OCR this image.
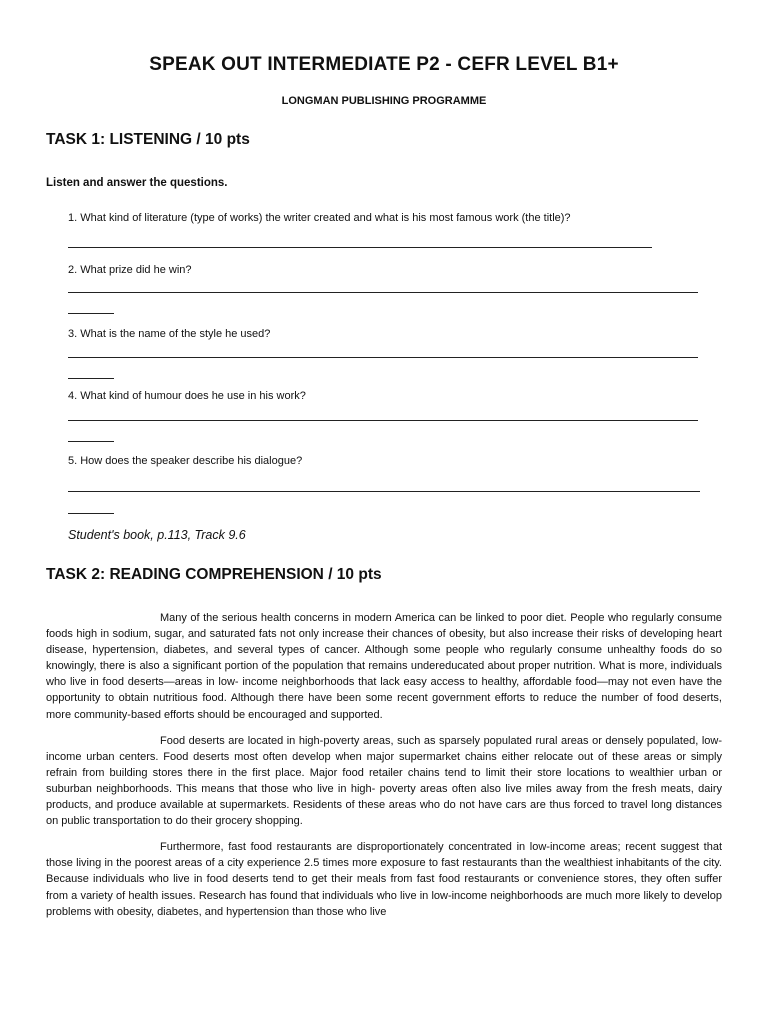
SPEAK OUT INTERMEDIATE P2 - CEFR LEVEL B1+
LONGMAN PUBLISHING PROGRAMME
TASK 1: LISTENING / 10 pts
Listen and answer the questions.
1. What kind of literature (type of works) the writer created and what is his most famous work (the title)?
2. What prize did he win?
3. What is the name of the style he used?
4. What kind of humour does he use in his work?
5. How does the speaker describe his dialogue?
Student's book, p.113, Track 9.6
TASK 2: READING COMPREHENSION / 10 pts

Many of the serious health concerns in modern America can be linked to poor diet. People who regularly consume foods high in sodium, sugar, and saturated fats not only increase their chances of obesity, but also increase their risks of developing heart disease, hypertension, diabetes, and several types of cancer. Although some people who regularly consume unhealthy foods do so knowingly, there is also a significant portion of the population that remains undereducated about proper nutrition. What is more, individuals who live in food deserts—areas in low- income neighborhoods that lack easy access to healthy, affordable food—may not even have the opportunity to obtain nutritious food. Although there have been some recent government efforts to reduce the number of food deserts, more community-based efforts should be encouraged and supported.

Food deserts are located in high-poverty areas, such as sparsely populated rural areas or densely populated, low-income urban centers. Food deserts most often develop when major supermarket chains either relocate out of these areas or simply refrain from building stores there in the first place. Major food retailer chains tend to limit their store locations to wealthier urban or suburban neighborhoods. This means that those who live in high- poverty areas often also live miles away from the fresh meats, dairy products, and produce available at supermarkets. Residents of these areas who do not have cars are thus forced to travel long distances on public transportation to do their grocery shopping.

Furthermore, fast food restaurants are disproportionately concentrated in low-income areas; recent suggest that those living in the poorest areas of a city experience 2.5 times more exposure to fast restaurants than the wealthiest inhabitants of the city. Because individuals who live in food deserts tend to get their meals from fast food restaurants or convenience stores, they often suffer from a variety of health issues. Research has found that individuals who live in low-income neighborhoods are much more likely to develop problems with obesity, diabetes, and hypertension than those who live
